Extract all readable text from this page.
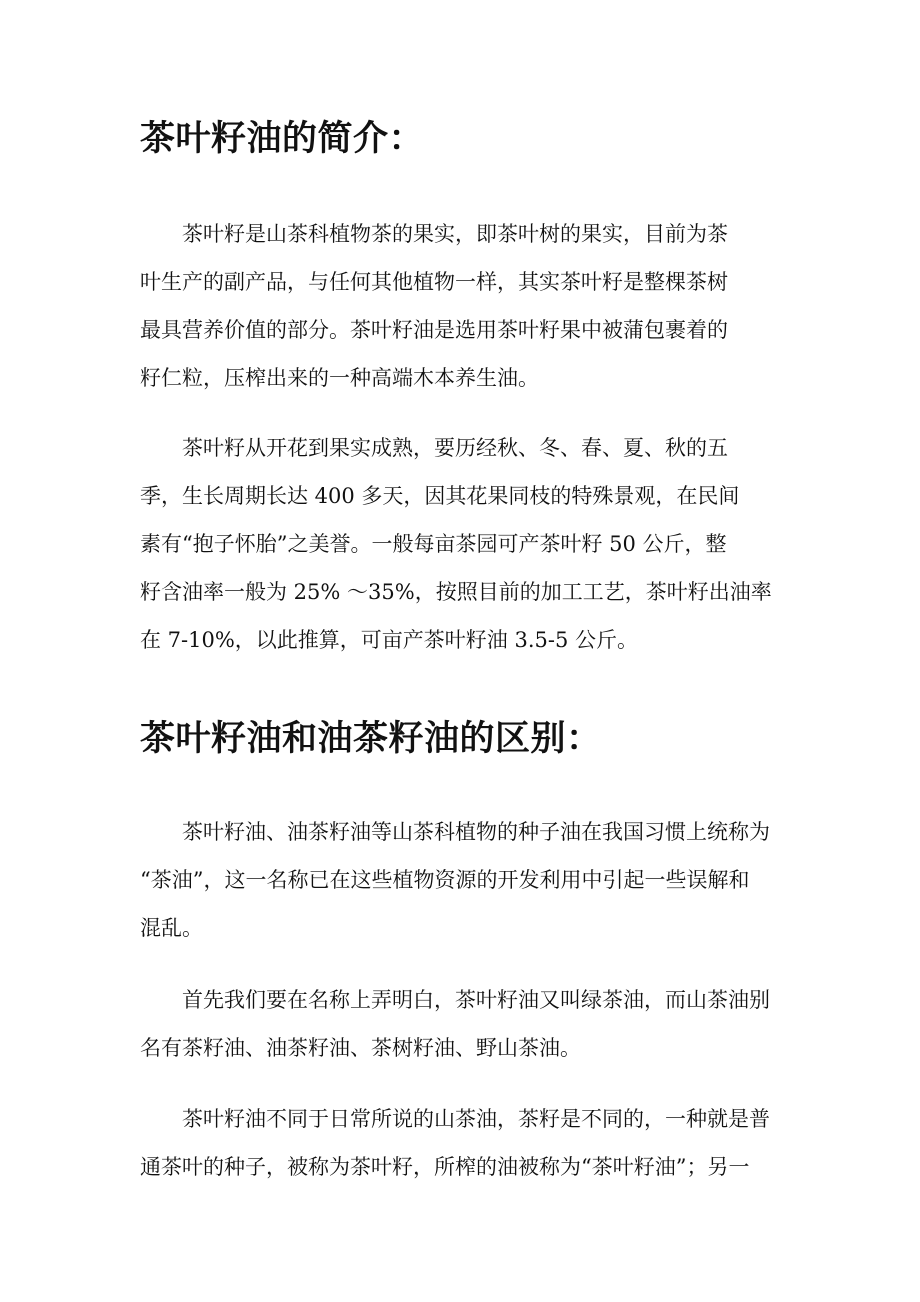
茶叶籽油的简介：
茶叶籽是山茶科植物茶的果实，即茶叶树的果实，目前为茶
叶生产的副产品，与任何其他植物一样，其实茶叶籽是整棵茶树
最具营养价值的部分。茶叶籽油是选用茶叶籽果中被蒲包裹着的
籽仁粒，压榨出来的一种高端木本养生油。
茶叶籽从开花到果实成熟，要历经秋、冬、春、夏、秋的五
季，生长周期长达 400 多天，因其花果同枝的特殊景观，在民间
素有“抱子怀胎”之美誉。一般每亩茶园可产茶叶籽 50 公斤，整
籽含油率一般为 25% ～35%，按照目前的加工工艺，茶叶籽出油率
在 7-10%，以此推算，可亩产茶叶籽油 3.5-5 公斤。
茶叶籽油和油茶籽油的区别：
茶叶籽油、油茶籽油等山茶科植物的种子油在我国习惯上统称为
“茶油”，这一名称已在这些植物资源的开发利用中引起一些误解和
混乱。
首先我们要在名称上弄明白，茶叶籽油又叫绿茶油，而山茶油别
名有茶籽油、油茶籽油、茶树籽油、野山茶油。
茶叶籽油不同于日常所说的山茶油，茶籽是不同的，一种就是普
通茶叶的种子，被称为茶叶籽，所榨的油被称为“茶叶籽油”；另一
